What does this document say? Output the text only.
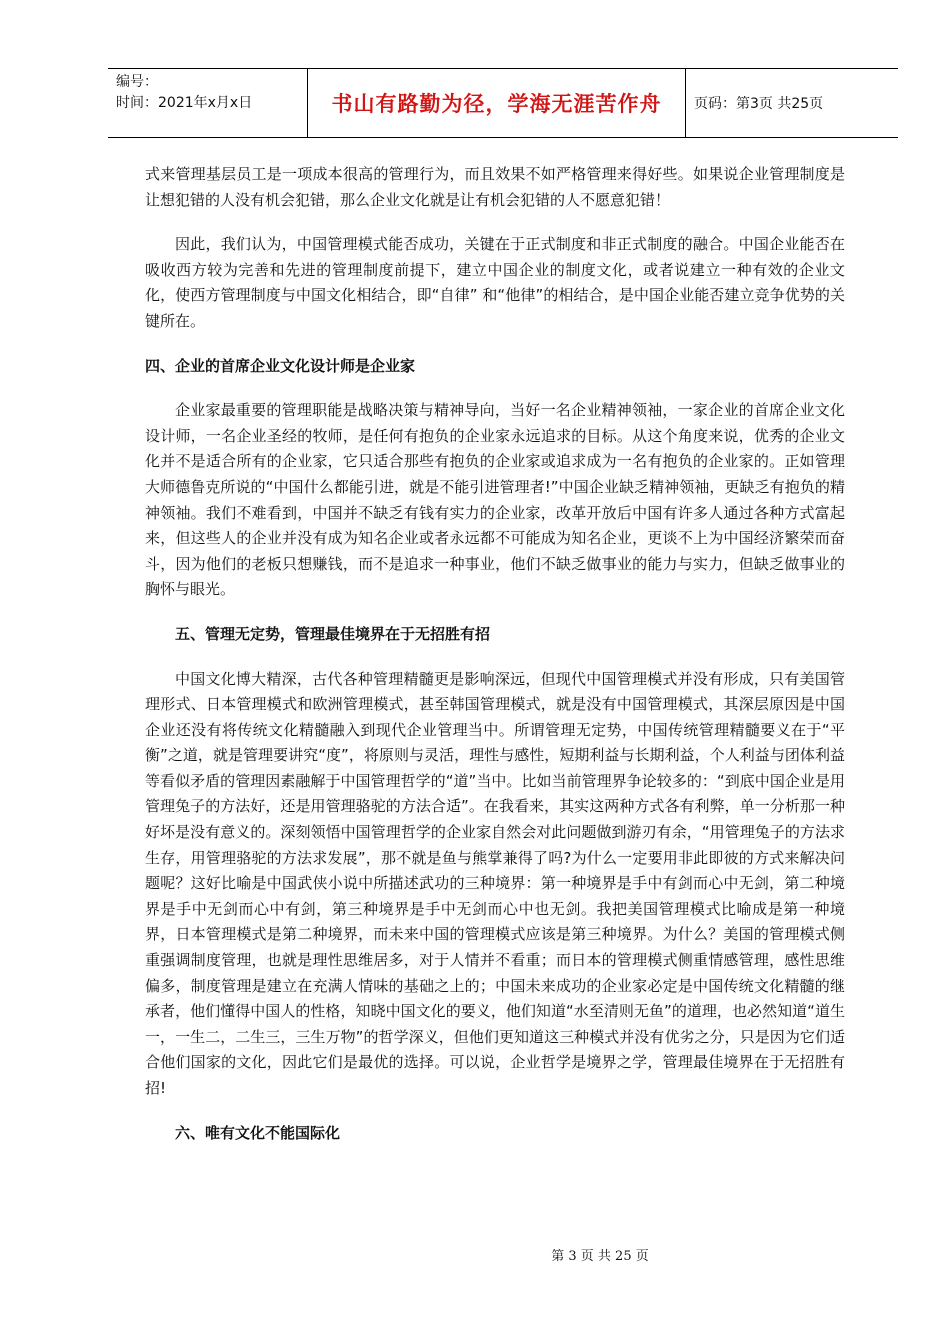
编号：
时间：2021年x月x日	书山有路勤为径，学海无涯苦作舟 页码：第3页 共25页

式来管理基层员工是一项成本很高的管理行为，而且效果不如严格管理来得好些。如果说企业管理制度是让想犯错的人没有机会犯错，那么企业文化就是让有机会犯错的人不愿意犯错！

因此，我们认为，中国管理模式能否成功，关键在于正式制度和非正式制度的融合。中国企业能否在吸收西方较为完善和先进的管理制度前提下，建立中国企业的制度文化，或者说建立一种有效的企业文化，使西方管理制度与中国文化相结合，即“自律” 和“他律”的相结合，是中国企业能否建立竞争优势的关键所在。

四、企业的首席企业文化设计师是企业家

企业家最重要的管理职能是战略决策与精神导向，当好一名企业精神领袖，一家企业的首席企业文化设计师，一名企业圣经的牧师，是任何有抱负的企业家永远追求的目标。从这个角度来说，优秀的企业文化并不是适合所有的企业家，它只适合那些有抱负的企业家或追求成为一名有抱负的企业家的。正如管理大师德鲁克所说的“中国什么都能引进，就是不能引进管理者!”中国企业缺乏精神领袖，更缺乏有抱负的精神领袖。我们不难看到，中国并不缺乏有钱有实力的企业家，改革开放后中国有许多人通过各种方式富起来，但这些人的企业并没有成为知名企业或者永远都不可能成为知名企业，更谈不上为中国经济繁荣而奋斗，因为他们的老板只想赚钱，而不是追求一种事业，他们不缺乏做事业的能力与实力，但缺乏做事业的胸怀与眼光。

五、管理无定势，管理最佳境界在于无招胜有招

中国文化博大精深，古代各种管理精髓更是影响深远，但现代中国管理模式并没有形成，只有美国管理形式、日本管理模式和欧洲管理模式，甚至韩国管理模式，就是没有中国管理模式，其深层原因是中国企业还没有将传统文化精髓融入到现代企业管理当中。所谓管理无定势，中国传统管理精髓要义在于“平衡”之道，就是管理要讲究“度”，将原则与灵活，理性与感性，短期利益与长期利益，个人利益与团体利益等看似矛盾的管理因素融解于中国管理哲学的“道”当中。比如当前管理界争论较多的：“到底中国企业是用管理兔子的方法好，还是用管理骆驼的方法合适”。在我看来，其实这两种方式各有利弊，单一分析那一种好坏是没有意义的。深刻领悟中国管理哲学的企业家自然会对此问题做到游刃有余，“用管理兔子的方法求生存，用管理骆驼的方法求发展”，那不就是鱼与熊掌兼得了吗?为什么一定要用非此即彼的方式来解决问题呢？这好比喻是中国武侠小说中所描述武功的三种境界：第一种境界是手中有剑而心中无剑，第二种境界是手中无剑而心中有剑，第三种境界是手中无剑而心中也无剑。我把美国管理模式比喻成是第一种境界，日本管理模式是第二种境界，而未来中国的管理模式应该是第三种境界。为什么？美国的管理模式侧重强调制度管理，也就是理性思维居多，对于人情并不看重；而日本的管理模式侧重情感管理，感性思维偏多，制度管理是建立在充满人情味的基础之上的；中国未来成功的企业家必定是中国传统文化精髓的继承者，他们懂得中国人的性格，知晓中国文化的要义，他们知道“水至清则无鱼”的道理，也必然知道“道生一，一生二，二生三，三生万物”的哲学深义，但他们更知道这三种模式并没有优劣之分，只是因为它们适合他们国家的文化，因此它们是最优的选择。可以说，企业哲学是境界之学，管理最佳境界在于无招胜有招!

六、唯有文化不能国际化
第 3 页 共 25 页
